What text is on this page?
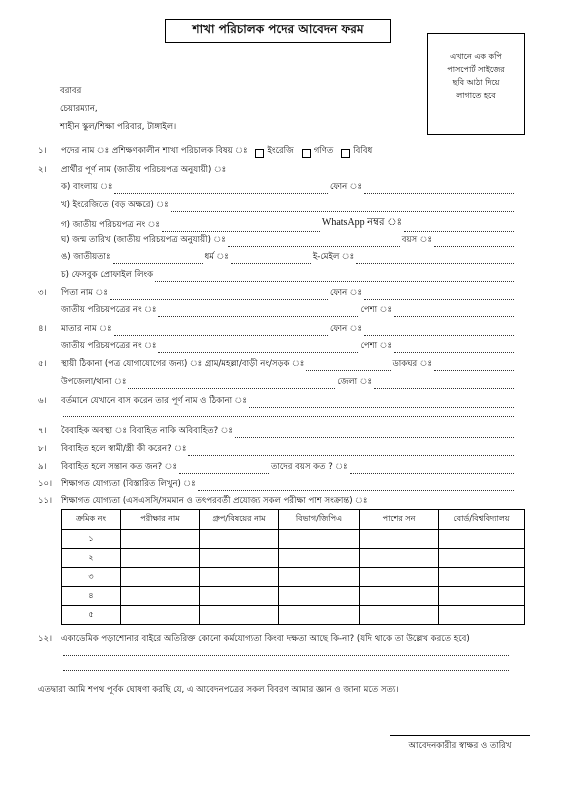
শাখা পরিচালক পদের আবেদন ফরম
এখানে এক কপি
পাসপোর্ট সাইজের
ছবি আঠা দিয়ে
লাগাতে হবে
বরাবর
চেয়ারম্যান,
শাহীন স্কুল/শিক্ষা পরিবার, টাঙ্গাইল।
১। পদের নাম ঃ প্রশিক্ষণকালীন শাখা পরিচালক বিষয় ঃ ইংরেজি গণিত বিবিধ
২। প্রার্থীর পূর্ণ নাম (জাতীয় পরিচয়পত্র অনুযায়ী) ঃ
ক) বাংলায় ঃ	ফোন ঃ
খ) ইংরেজিতে (বড় অক্ষরে) ঃ
গ) জাতীয় পরিচয়পত্র নং ঃ	WhatsApp নম্বর ঃ
ঘ) জন্ম তারিখ (জাতীয় পরিচয়পত্র অনুযায়ী) ঃ	বয়স ঃ
ঙ) জাতীয়তাঃ	ধর্ম ঃ	ই-মেইল ঃ
চ) ফেসবুক প্রোফাইল লিংক
৩। পিতা নাম ঃ	ফোন ঃ
জাতীয় পরিচয়পত্রের নং ঃ	পেশা ঃ
৪। মাতার নাম ঃ	ফোন ঃ
জাতীয় পরিচয়পত্রের নং ঃ	পেশা ঃ
৫। স্থায়ী ঠিকানা (পত্র যোগাযোগের জন্য) ঃ গ্রাম/মহল্লা/বাড়ী নং/সড়ক ঃ	ডাকঘর ঃ
উপজেলা/থানা ঃ	জেলা ঃ
৬। বর্তমানে যেখানে বাস করেন তার পূর্ণ নাম ও ঠিকানা ঃ
৭। বৈবাহিক অবস্থা ঃ বিবাহিত নাকি অবিবাহিত? ঃ
৮। বিবাহিত হলে স্বামী/স্ত্রী কী করেন? ঃ
৯। বিবাহিত হলে সন্তান কত জন? ঃ	তাদের বয়স কত ? ঃ
১০। শিক্ষাগত যোগ্যতা (বিস্তারিত লিখুন) ঃ
১১। শিক্ষাগত যোগ্যতা (এসএসসি/সমমান ও তৎপরবর্তী প্রযোজ্য সকল পরীক্ষা পাশ সংক্রান্ত) ঃ
ক্রমিক নং	পরীক্ষার নাম	গ্রুপ/বিষয়ের নাম	বিভাগ/জিপিএ	পাশের সন	বোর্ড/বিশ্ববিদ্যালয়
১					
২					
৩					
৪					
৫					
১২। একাডেমিক পড়াশোনার বাইরে অতিরিক্ত কোনো কর্মযোগ্যতা কিংবা দক্ষতা আছে কি-না? (যদি থাকে তা উল্লেখ করতে হবে)
এতদ্বারা আমি শপথ পূর্বক ঘোষণা করছি যে, এ আবেদনপত্রের সকল বিবরণ আমার জ্ঞান ও জানা মতে সত্য।
আবেদনকারীর স্বাক্ষর ও তারিখ
